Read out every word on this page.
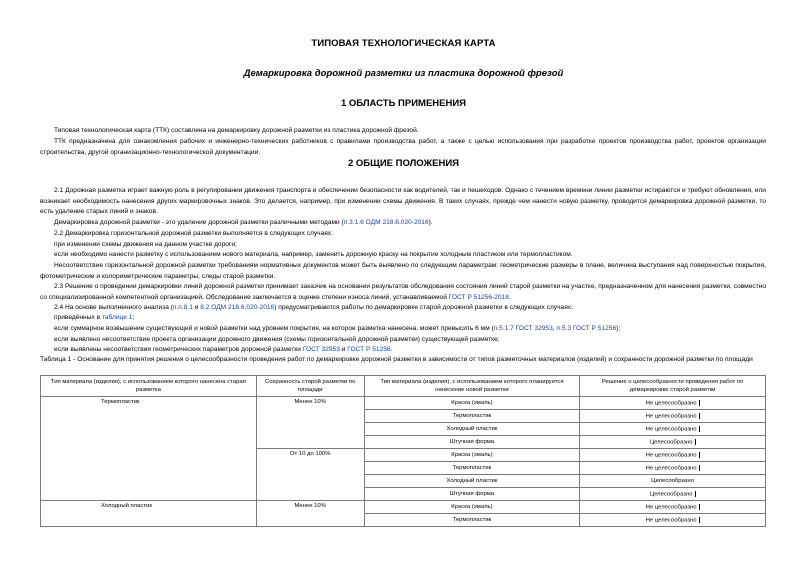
ТИПОВАЯ ТЕХНОЛОГИЧЕСКАЯ КАРТА
Демаркировка дорожной разметки из пластика дорожной фрезой
1 ОБЛАСТЬ ПРИМЕНЕНИЯ
Типовая технологическая карта (ТТК) составлена на демаркировку дорожной разметки из пластика дорожной фрезой.
ТТК предназначена для ознакомления рабочих и инженерно-технических работников с правилами производства работ, а также с целью использования при разработке проектов производства работ, проектов организации строительства, другой организационно-технологической документации.
2 ОБЩИЕ ПОЛОЖЕНИЯ
2.1 Дорожная разметка играет важную роль в регулировании движения транспорта и обеспечении безопасности как водителей, так и пешеходов. Однако с течением времени линии разметки истираются и требуют обновления, или возникает необходимость нанесения других маркировочных знаков. Это делается, например, при изменении схемы движения. В таких случаях, прежде чем нанести новую разметку, проводится демаркировка дорожной разметки, то есть удаление старых линий и знаков.
Демаркировка дорожной разметки - это удаление дорожной разметки различными методами (п.3.1.6 ОДМ 218.6.020-2016).
2.2 Демаркировка горизонтальной дорожной разметки выполняется в следующих случаях:
при изменении схемы движения на данном участке дороги;
если необходимо нанести разметку с использованием нового материала, например, заменить дорожную краску на покрытие холодным пластиком или термопластиком.
Несоответствие горизонтальной дорожной разметки требованиям нормативных документов может быть выявлено по следующим параметрам: геометрические размеры в плане, величина выступания над поверхностью покрытия, фотометрические и колориметрические параметры, следы старой разметки.
2.3 Решение о проведении демаркировки линий дорожной разметки принимает заказчик на основании результатов обследования состояния линий старой разметки на участке, предназначенном для нанесения разметки, совместно со специализированной компетентной организацией. Обследование заключается в оценке степени износа линий, устанавливаемой ГОСТ Р 51256-2018.
2.4 На основе выполненного анализа (п.п.8.1 и 8.2 ОДМ 218.6.020-2016) предусматриваются работы по демаркировке старой дорожной разметки в следующих случаях:
приведённых в таблице 1;
если суммарное возвышение существующей и новой разметки над уровнем покрытия, на которое разметка нанесена, может превысить 6 мм (п.5.1.7 ГОСТ 32953, п.5.3 ГОСТ Р 51256);
если выявлено несоответствие проекта организации дорожного движения (схемы горизонтальной дорожной разметки) существующей разметке;
если выявлены несоответствия геометрических параметров дорожной разметки ГОСТ 32953 и ГОСТ Р 51256.
Таблица 1 - Основание для принятия решения о целесообразности проведения работ по демаркировке дорожной разметки в зависимости от типов разметочных материалов (изделий) и сохранности дорожной разметки по площади
Тип материала (изделия), с использованием которого нанесена старая разметка	Сохранность старой разметки по площади	Тип материала (изделия), с использованием которого планируется нанесение новой разметки	Решение о целесообразности проведения работ по демаркировке старой разметки
Термопластик	Менее 10%	Краска (эмаль)	Не целесообразно
		Термопластик	Не целесообразно
		Холодный пластик	Не целесообразно
		Штучная форма	Целесообразно
	От 10 до 100%	Краска (эмаль)	Не целесообразно
		Термопластик	Не целесообразно
		Холодный пластик	Целесообразно
		Штучная форма	Целесообразно
Холодный пластик	Менее 10%	Краска (эмаль)	Не целесообразно
		Термопластик	Не целесообразно
